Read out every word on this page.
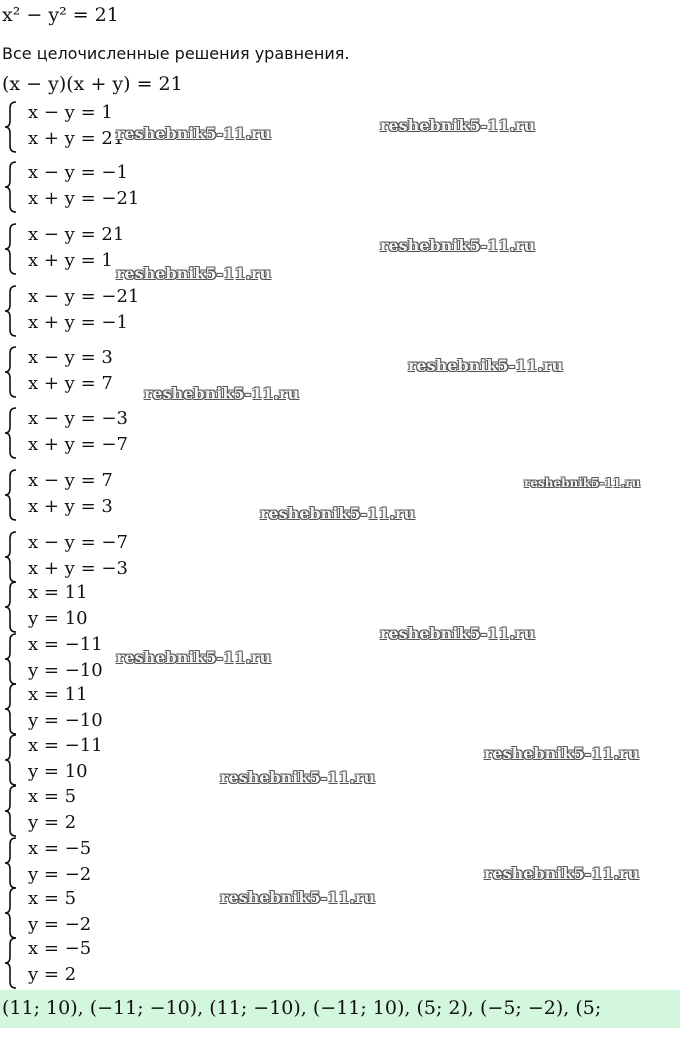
x² − y² = 21
Все целочисленные решения уравнения.
(x − y)(x + y) = 21
x − y = 1
x + y = 21
x − y = −1
x + y = −21
x − y = 21
x + y = 1
x − y = −21
x + y = −1
x − y = 3
x + y = 7
x − y = −3
x + y = −7
x − y = 7
x + y = 3
x − y = −7
x + y = −3
x = 11
y = 10
x = −11
y = −10
x = 11
y = −10
x = −11
y = 10
x = 5
y = 2
x = −5
y = −2
x = 5
y = −2
x = −5
y = 2
reshebnik5-11.ru	reshebnik5-11.ru
reshebnik5-11.ru
reshebnik5-11.ru
reshebnik5-11.ru
reshebnik5-11.ru
reshebnik5-11.ru
reshebnik5-11.ru
reshebnik5-11.ru
reshebnik5-11.ru
reshebnik5-11.ru
reshebnik5-11.ru
reshebnik5-11.ru
reshebnik5-11.ru
(11; 10), (−11; −10), (11; −10), (−11; 10), (5; 2), (−5; −2), (5;
